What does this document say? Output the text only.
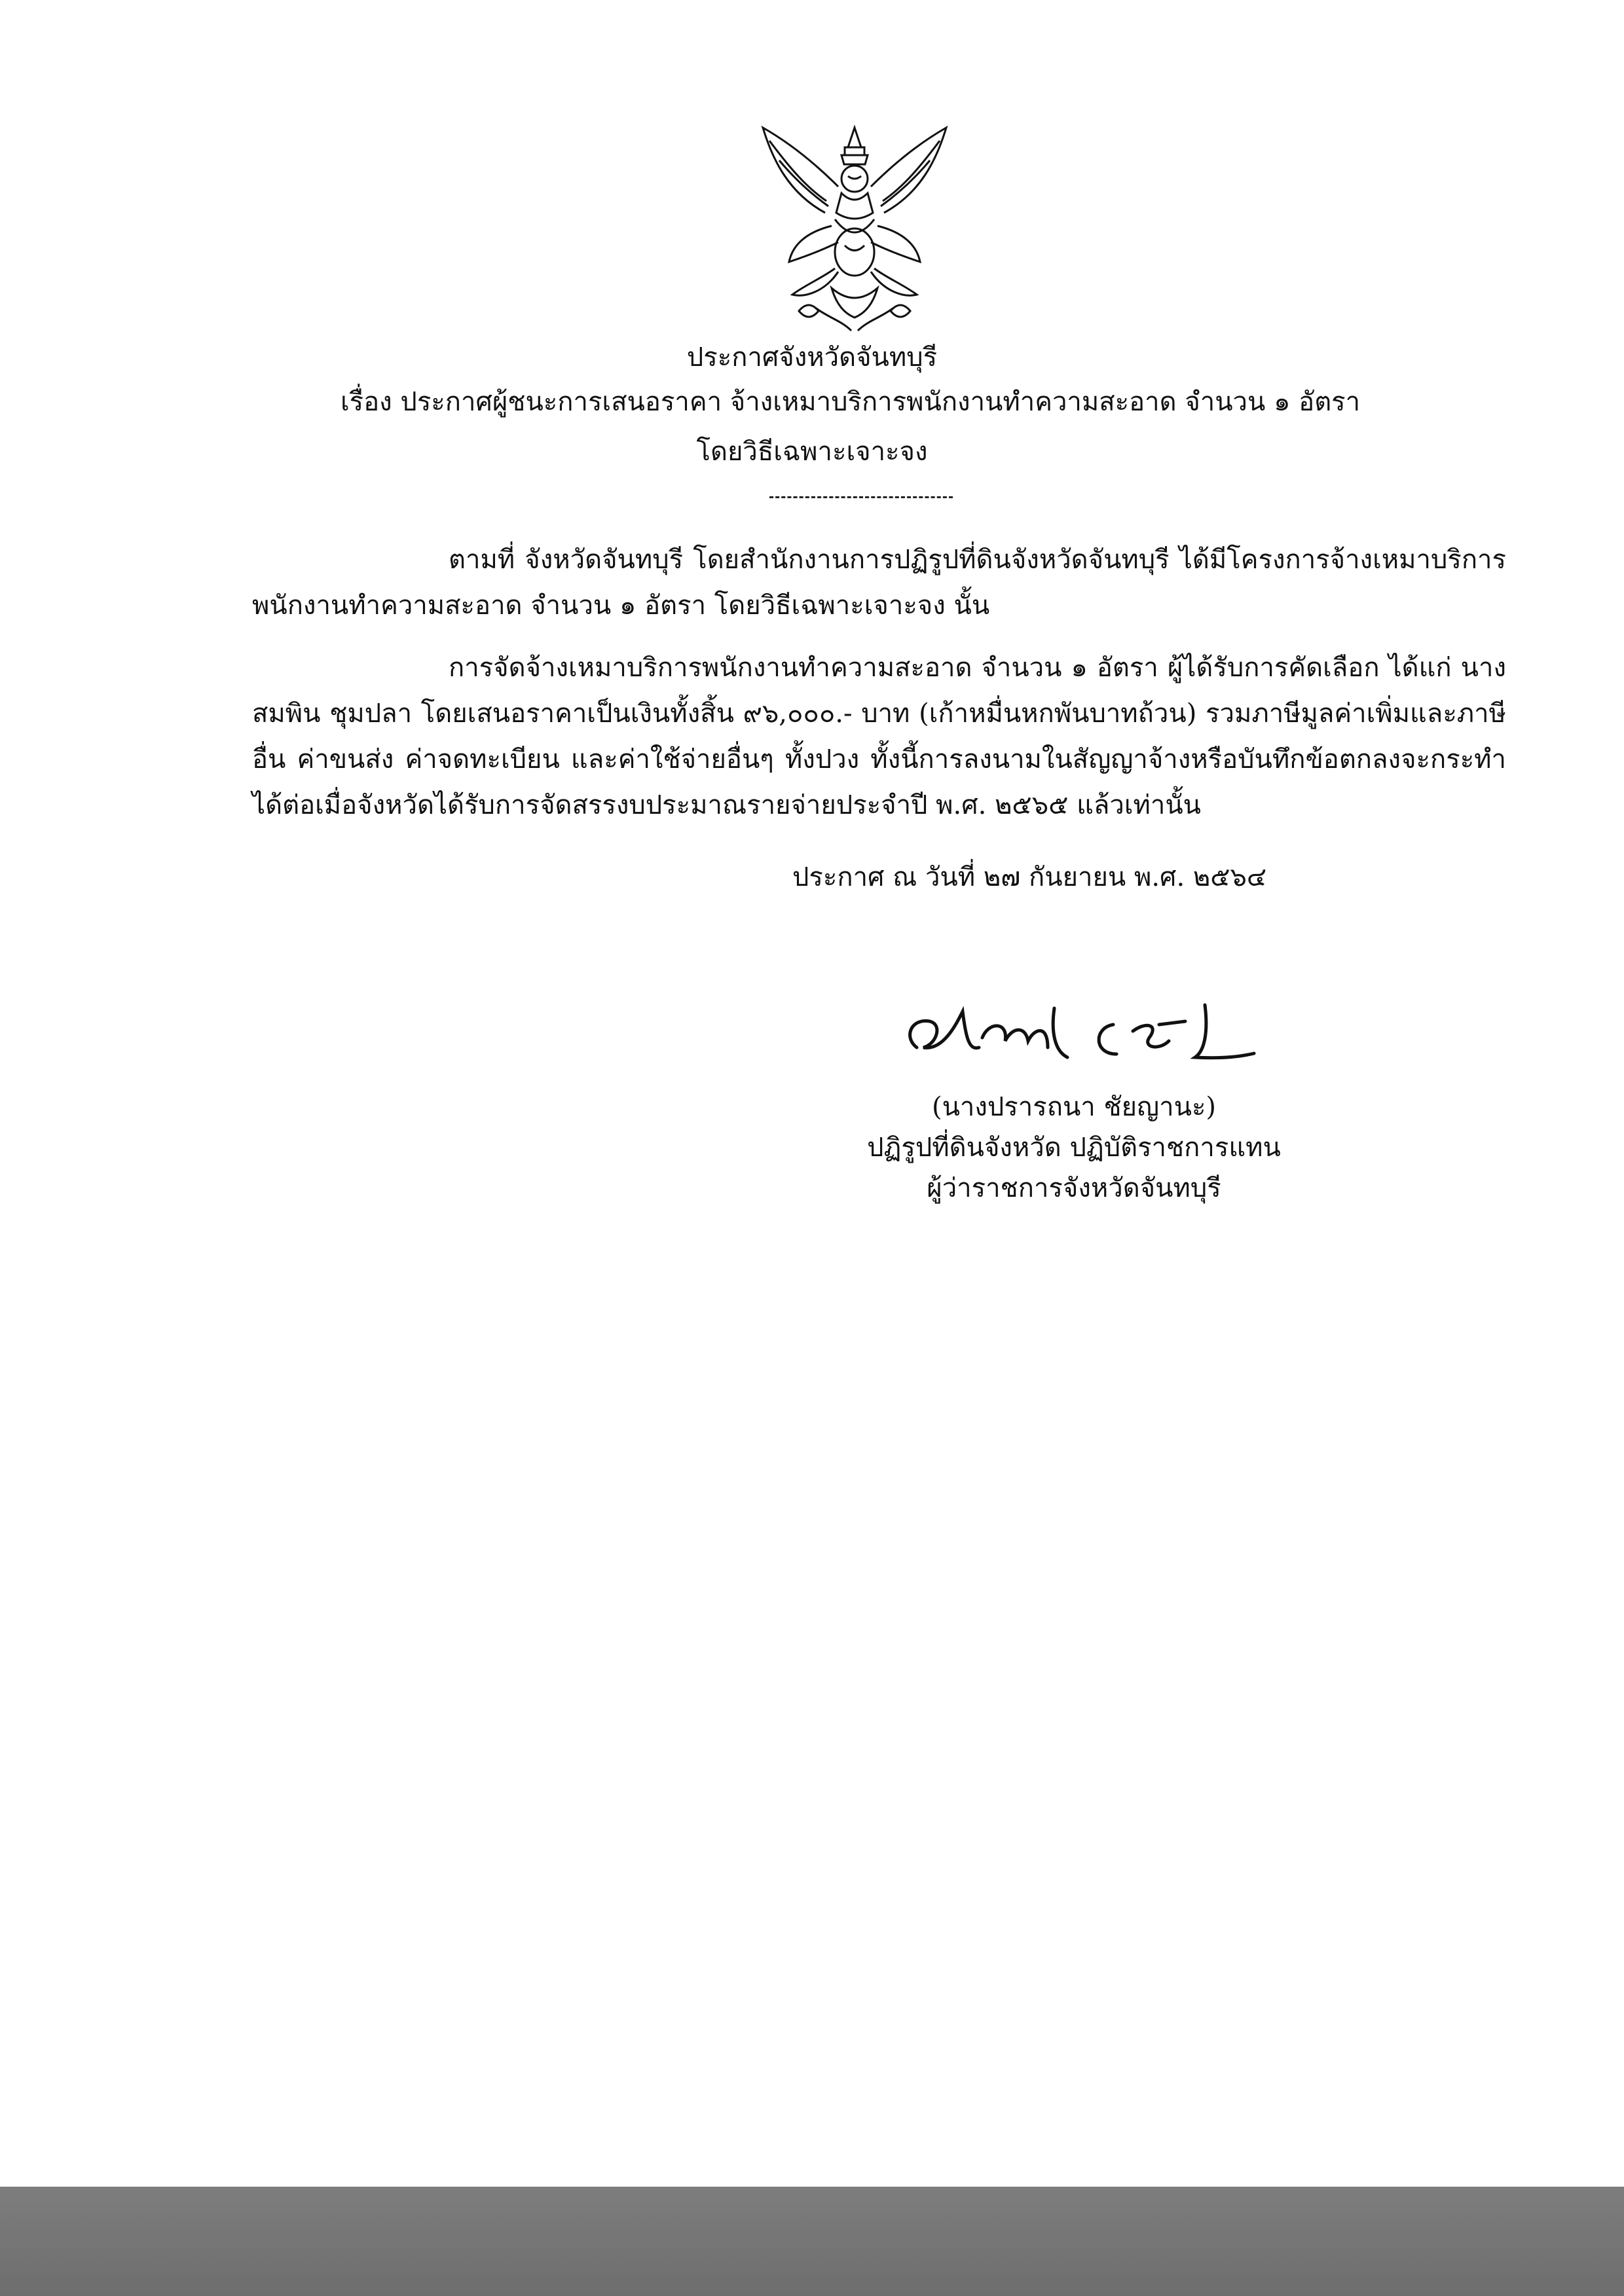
ประกาศจังหวัดจันทบุรี
เรื่อง ประกาศผู้ชนะการเสนอราคา จ้างเหมาบริการพนักงานทำความสะอาด จำนวน ๑ อัตรา
โดยวิธีเฉพาะเจาะจง

ตามที่ จังหวัดจันทบุรี โดยสำนักงานการปฏิรูปที่ดินจังหวัดจันทบุรี ได้มีโครงการจ้างเหมาบริการพนักงานทำความสะอาด จำนวน ๑ อัตรา โดยวิธีเฉพาะเจาะจง นั้น

การจัดจ้างเหมาบริการพนักงานทำความสะอาด จำนวน ๑ อัตรา ผู้ได้รับการคัดเลือก ได้แก่ นางสมพิน ชุมปลา โดยเสนอราคาเป็นเงินทั้งสิ้น ๙๖,๐๐๐.- บาท (เก้าหมื่นหกพันบาทถ้วน) รวมภาษีมูลค่าเพิ่มและภาษีอื่น ค่าขนส่ง ค่าจดทะเบียน และค่าใช้จ่ายอื่นๆ ทั้งปวง ทั้งนี้การลงนามในสัญญาจ้างหรือบันทึกข้อตกลงจะกระทำได้ต่อเมื่อจังหวัดได้รับการจัดสรรงบประมาณรายจ่ายประจำปี พ.ศ. ๒๕๖๕ แล้วเท่านั้น

ประกาศ ณ วันที่ ๒๗ กันยายน พ.ศ. ๒๕๖๔
(นางปรารถนา ชัยญานะ)
ปฏิรูปที่ดินจังหวัด ปฏิบัติราชการแทน
ผู้ว่าราชการจังหวัดจันทบุรี
